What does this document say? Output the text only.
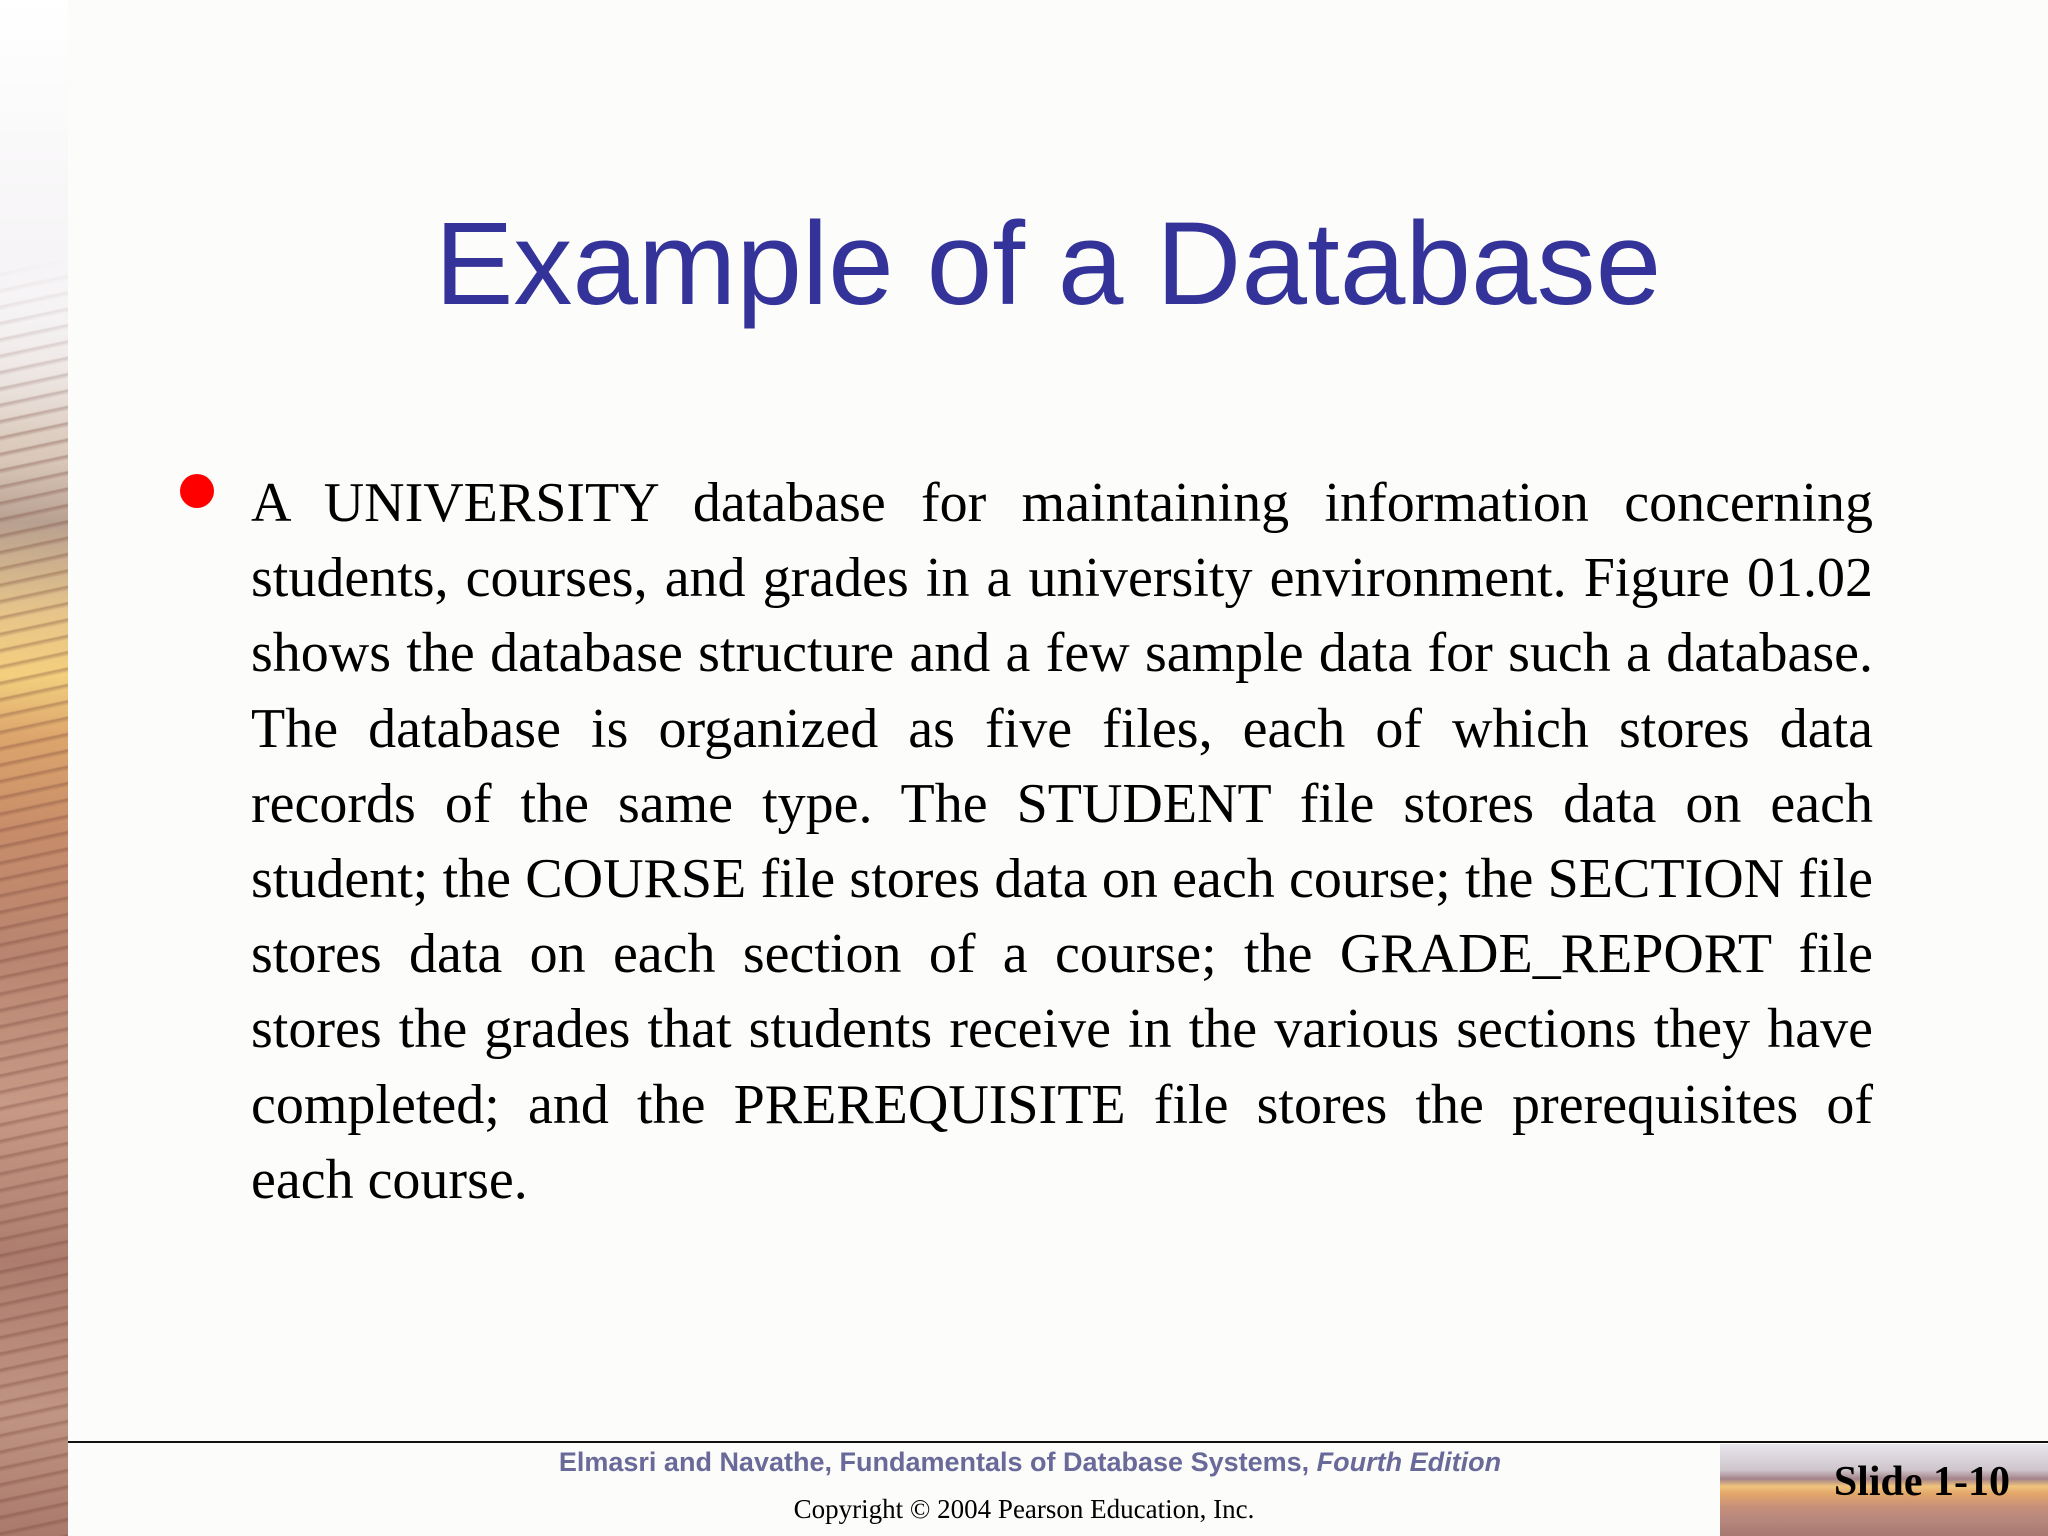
Example of a Database

A UNIVERSITY database for maintaining information concerning students, courses, and grades in a university environment. Figure 01.02 shows the database structure and a few sample data for such a database. The database is organized as five files, each of which stores data records of the same type. The STUDENT file stores data on each student; the COURSE file stores data on each course; the SECTION file stores data on each section of a course; the GRADE_REPORT file stores the grades that students receive in the various sections they have completed; and the PREREQUISITE file stores the prerequisites of each course.

Elmasri and Navathe, Fundamentals of Database Systems, Fourth Edition
Copyright © 2004 Pearson Education, Inc.
Slide 1-10
